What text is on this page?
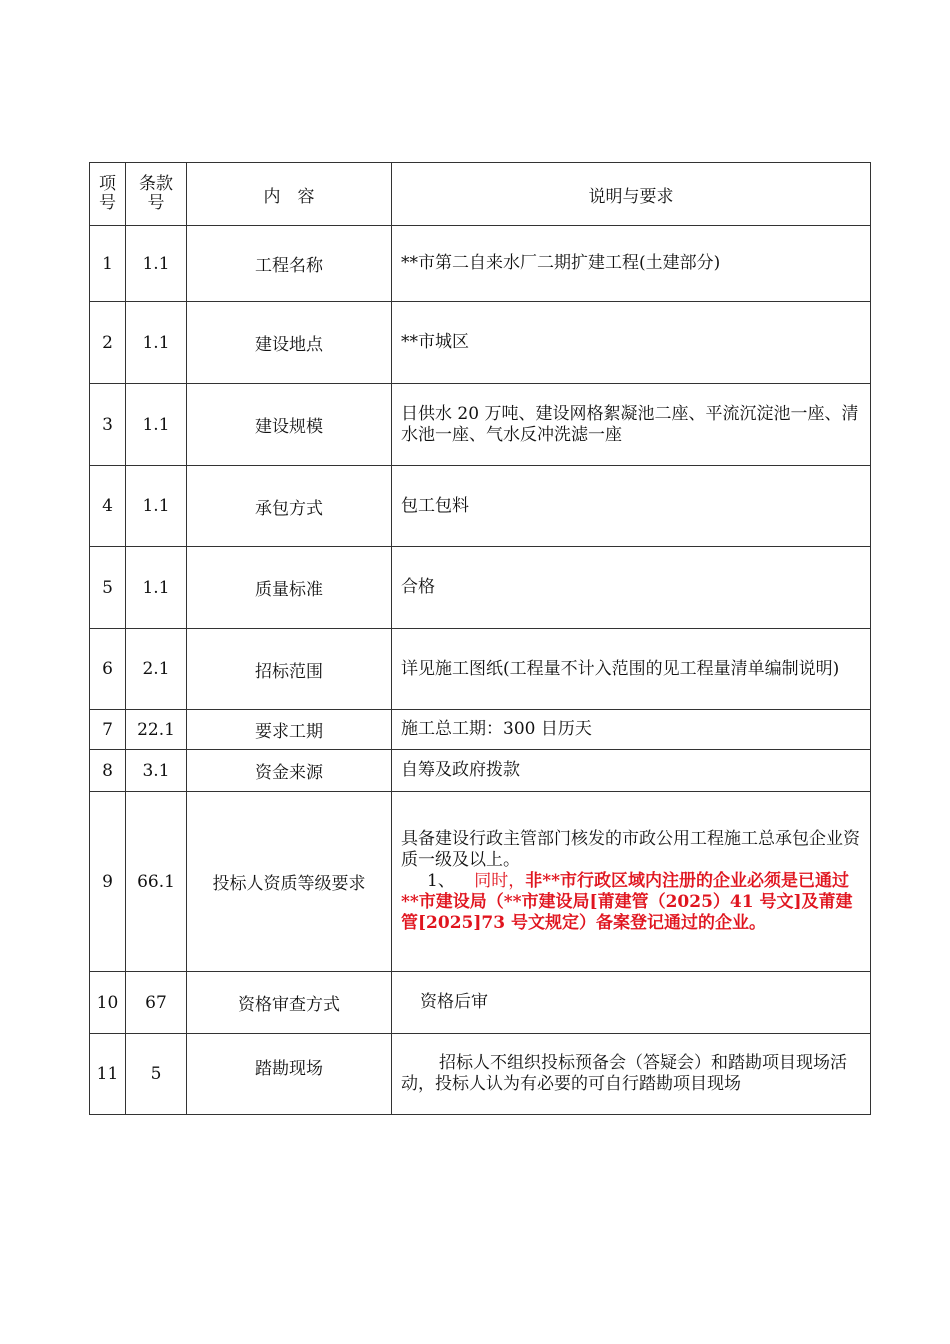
项号	条款号	内　容	说明与要求
1	1.1	工程名称	**市第二自来水厂二期扩建工程(土建部分)
2	1.1	建设地点	**市城区
3	1.1	建设规模	日供水 20 万吨、建设网格絮凝池二座、平流沉淀池一座、清水池一座、气水反冲洗滤一座
4	1.1	承包方式	包工包料
5	1.1	质量标准	合格
6	2.1	招标范围	详见施工图纸(工程量不计入范围的见工程量清单编制说明)
7	22.1	要求工期	施工总工期：300 日历天
8	3.1	资金来源	自筹及政府拨款
9	66.1	投标人资质等级要求	具备建设行政主管部门核发的市政公用工程施工总承包企业资质一级及以上。
1、 同时，非**市行政区域内注册的企业必须是已通过**市建设局（**市建设局[莆建管（2025）41 号文]及莆建管[2025]73 号文规定）备案登记通过的企业。

10	67	资格审查方式	资格后审
11	5	踏勘现场	招标人不组织投标预备会（答疑会）和踏勘项目现场活动，投标人认为有必要的可自行踏勘项目现场
